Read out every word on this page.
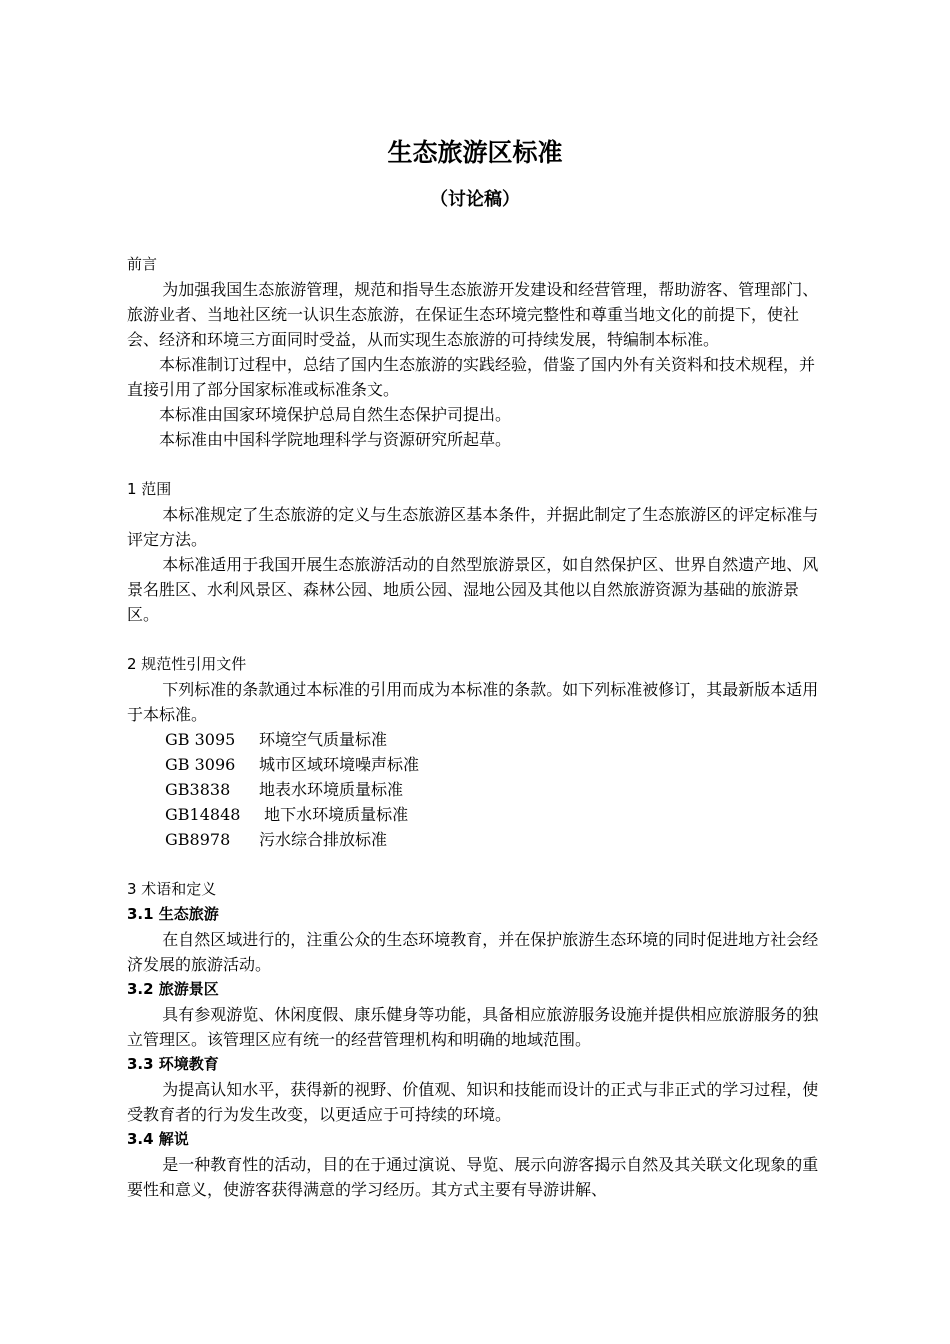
生态旅游区标准
（讨论稿）

前言

为加强我国生态旅游管理，规范和指导生态旅游开发建设和经营管理，帮助游客、管理部门、旅游业者、当地社区统一认识生态旅游，在保证生态环境完整性和尊重当地文化的前提下，使社会、经济和环境三方面同时受益，从而实现生态旅游的可持续发展，特编制本标准。

本标准制订过程中，总结了国内生态旅游的实践经验，借鉴了国内外有关资料和技术规程，并直接引用了部分国家标准或标准条文。

本标准由国家环境保护总局自然生态保护司提出。

本标准由中国科学院地理科学与资源研究所起草。

1 范围

本标准规定了生态旅游的定义与生态旅游区基本条件，并据此制定了生态旅游区的评定标准与评定方法。

本标准适用于我国开展生态旅游活动的自然型旅游景区，如自然保护区、世界自然遗产地、风景名胜区、水利风景区、森林公园、地质公园、湿地公园及其他以自然旅游资源为基础的旅游景区。

2 规范性引用文件

下列标准的条款通过本标准的引用而成为本标准的条款。如下列标准被修订，其最新版本适用于本标准。

GB 3095	环境空气质量标准
GB 3096	城市区域环境噪声标准
GB3838	地表水环境质量标准
GB14848	地下水环境质量标准
GB8978	污水综合排放标准

3 术语和定义

3.1 生态旅游

在自然区域进行的，注重公众的生态环境教育，并在保护旅游生态环境的同时促进地方社会经济发展的旅游活动。

3.2 旅游景区

具有参观游览、休闲度假、康乐健身等功能，具备相应旅游服务设施并提供相应旅游服务的独立管理区。该管理区应有统一的经营管理机构和明确的地域范围。

3.3 环境教育

为提高认知水平，获得新的视野、价值观、知识和技能而设计的正式与非正式的学习过程，使受教育者的行为发生改变，以更适应于可持续的环境。

3.4 解说

是一种教育性的活动，目的在于通过演说、导览、展示向游客揭示自然及其关联文化现象的重要性和意义，使游客获得满意的学习经历。其方式主要有导游讲解、
